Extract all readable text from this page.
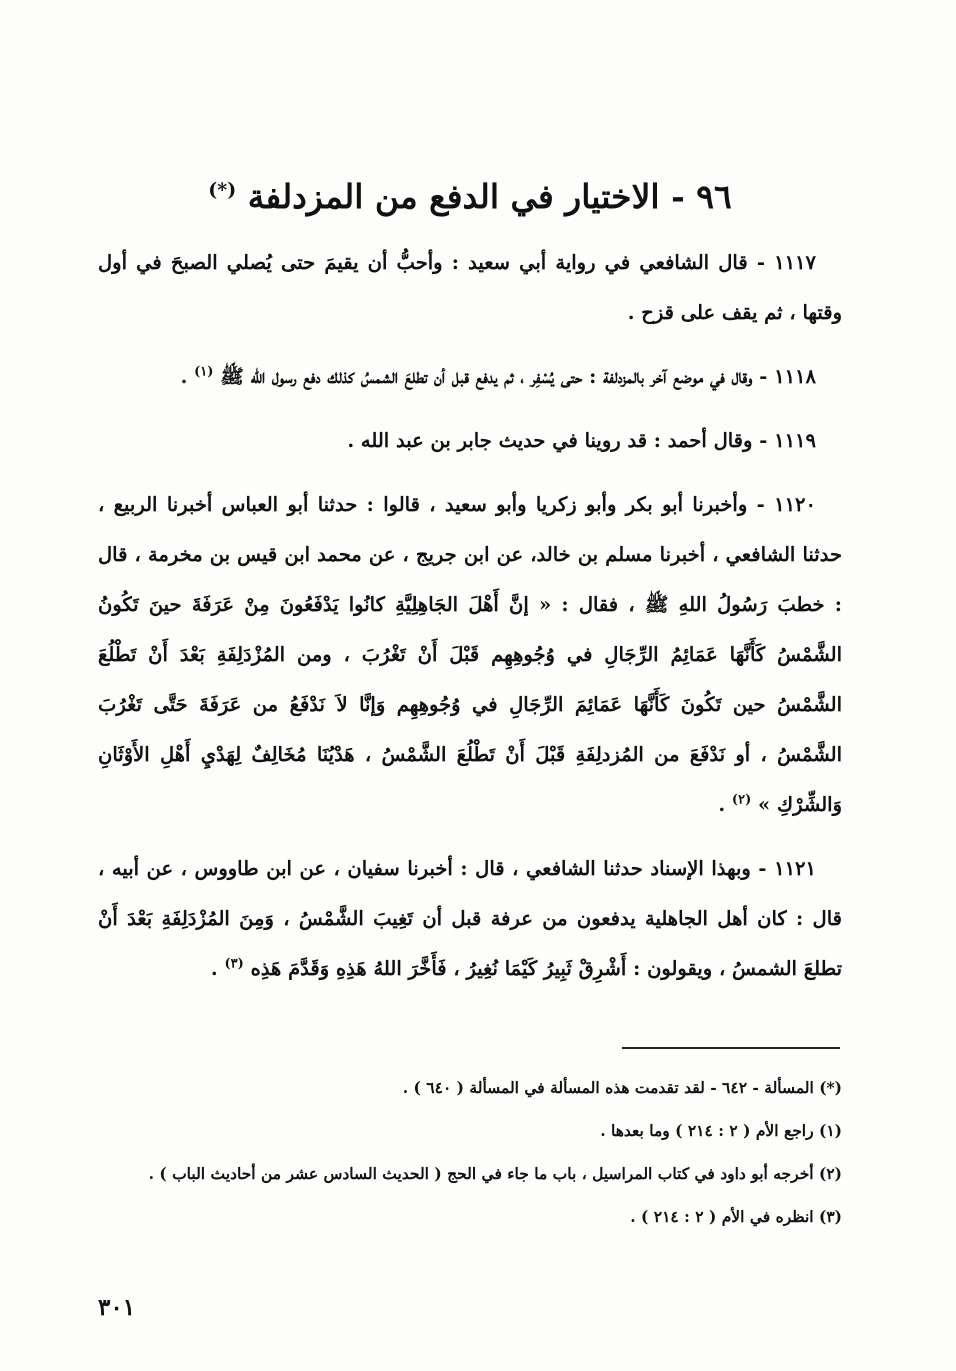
٩٦ - الاختيار في الدفع من المزدلفة (*)

١١١٧ - قال الشافعي في رواية أبي سعيد : وأحبُّ أن يقيمَ حتى يُصلي الصبحَ في أول وقتها ، ثم يقف على قزح .

١١١٨ - وقال في موضع آخر بالمزدلفة : حتى يُسْفِر ، ثم يدفع قبل أن تطلعَ الشمسُ كذلك دفع رسول الله ﷺ $^{(١)}$ .

١١١٩ - وقال أحمد : قد روينا في حديث جابر بن عبد الله .

١١٢٠ - وأخبرنا أبو بكر وأبو زكريا وأبو سعيد ، قالوا : حدثنا أبو العباس أخبرنا الربيع ، حدثنا الشافعي ، أخبرنا مسلم بن خالد، عن ابن جريج ، عن محمد ابن قيس بن مخرمة ، قال : خطبَ رَسُولُ اللهِ ﷺ ، فقال : « إنَّ أَهْلَ الجَاهِلِيَّةِ كانُوا يَدْفَعُونَ مِنْ عَرَفَةَ حينَ تَكُونُ الشَّمْسُ كَأَنَّهَا عَمَائِمُ الرِّجَالِ في وُجُوهِهِم قَبْلَ أَنْ تَغْرُبَ ، ومن المُزْدَلِفَةِ بَعْدَ أَنْ تَطْلُعَ الشَّمْسُ حين تَكُونَ كَأَنَّهَا عَمَائِمَ الرِّجَالِ في وُجُوهِهِم وَإنَّا لاَ نَدْفَعُ من عَرَفَةَ حَتَّى تَغْرُبَ الشَّمْسُ ، أو نَدْفَعَ من المُزدلِفَةِ قَبْلَ أَنْ تَطْلُعَ الشَّمْسُ ، هَدْيُنَا مُخَالِفٌ لِهَدْيِ أَهْلِ الأَوْثَانِ وَالشِّرْكِ » $^{(٢)}$ .

١١٢١ - وبهذا الإسناد حدثنا الشافعي ، قال : أخبرنا سفيان ، عن ابن طاووس ، عن أبيه ، قال : كان أهل الجاهلية يدفعون من عرفة قبل أن تَغِيبَ الشَّمْسُ ، وَمِنَ المُزْدَلِفَةِ بَعْدَ أَنْ تطلعَ الشمسُ ، ويقولون : أَشْرِقْ ثَبِيرُ كَيْمَا نُغِيرُ ، فَأَخَّرَ اللهُ هَذِهِ وَقَدَّمَ هَذِه $^{(٣)}$ .

(*) المسألة - ٦٤٢ - لقد تقدمت هذه المسألة في المسألة ( ٦٤٠ ) .

(١) راجع الأم ( ٢ : ٢١٤ ) وما بعدها .

(٢) أخرجه أبو داود في كتاب المراسيل ، باب ما جاء في الحج ( الحديث السادس عشر من أحاديث الباب ) .

(٣) انظره في الأم ( ٢ : ٢١٤ ) .

٣٠١
